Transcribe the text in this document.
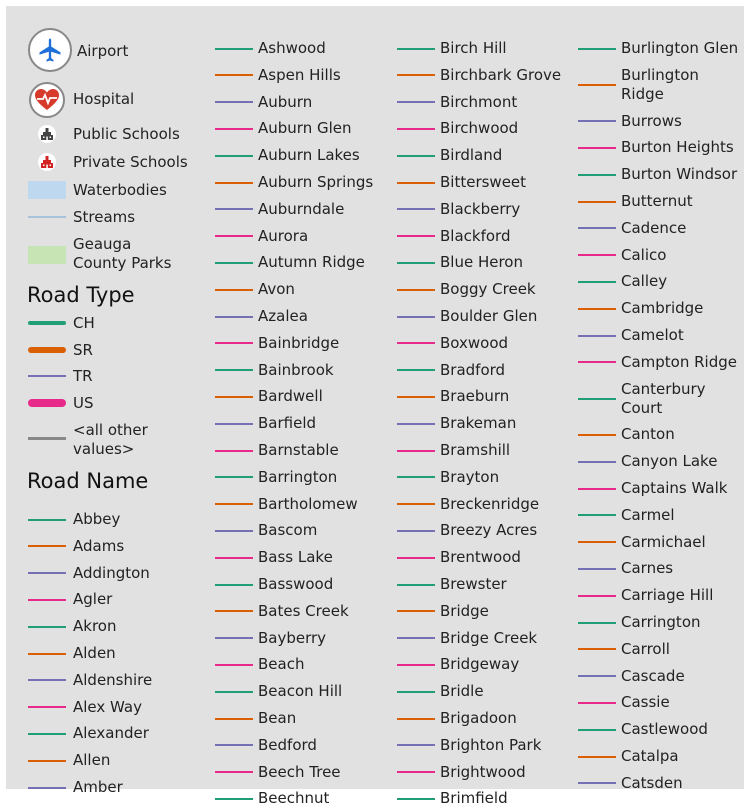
Airport
Hospital
Public Schools
Private Schools
Waterbodies
Streams
Geauga County Parks
Road Type
CH
SR
TR
US
<all other values>
Road Name
Abbey
Adams
Addington
Agler
Akron
Alden
Aldenshire
Alex Way
Alexander
Allen
Amber
Ashwood
Aspen Hills
Auburn
Auburn Glen
Auburn Lakes
Auburn Springs
Auburndale
Aurora
Autumn Ridge
Avon
Azalea
Bainbridge
Bainbrook
Bardwell
Barfield
Barnstable
Barrington
Bartholomew
Bascom
Bass Lake
Basswood
Bates Creek
Bayberry
Beach
Beacon Hill
Bean
Bedford
Beech Tree
Beechnut
Birch Hill
Birchbark Grove
Birchmont
Birchwood
Birdland
Bittersweet
Blackberry
Blackford
Blue Heron
Boggy Creek
Boulder Glen
Boxwood
Bradford
Braeburn
Brakeman
Bramshill
Brayton
Breckenridge
Breezy Acres
Brentwood
Brewster
Bridge
Bridge Creek
Bridgeway
Bridle
Brigadoon
Brighton Park
Brightwood
Brimfield
Burlington Glen
Burlington Ridge
Burrows
Burton Heights
Burton Windsor
Butternut
Cadence
Calico
Calley
Cambridge
Camelot
Campton Ridge
Canterbury Court
Canton
Canyon Lake
Captains Walk
Carmel
Carmichael
Carnes
Carriage Hill
Carrington
Carroll
Cascade
Cassie
Castlewood
Catalpa
Catsden
